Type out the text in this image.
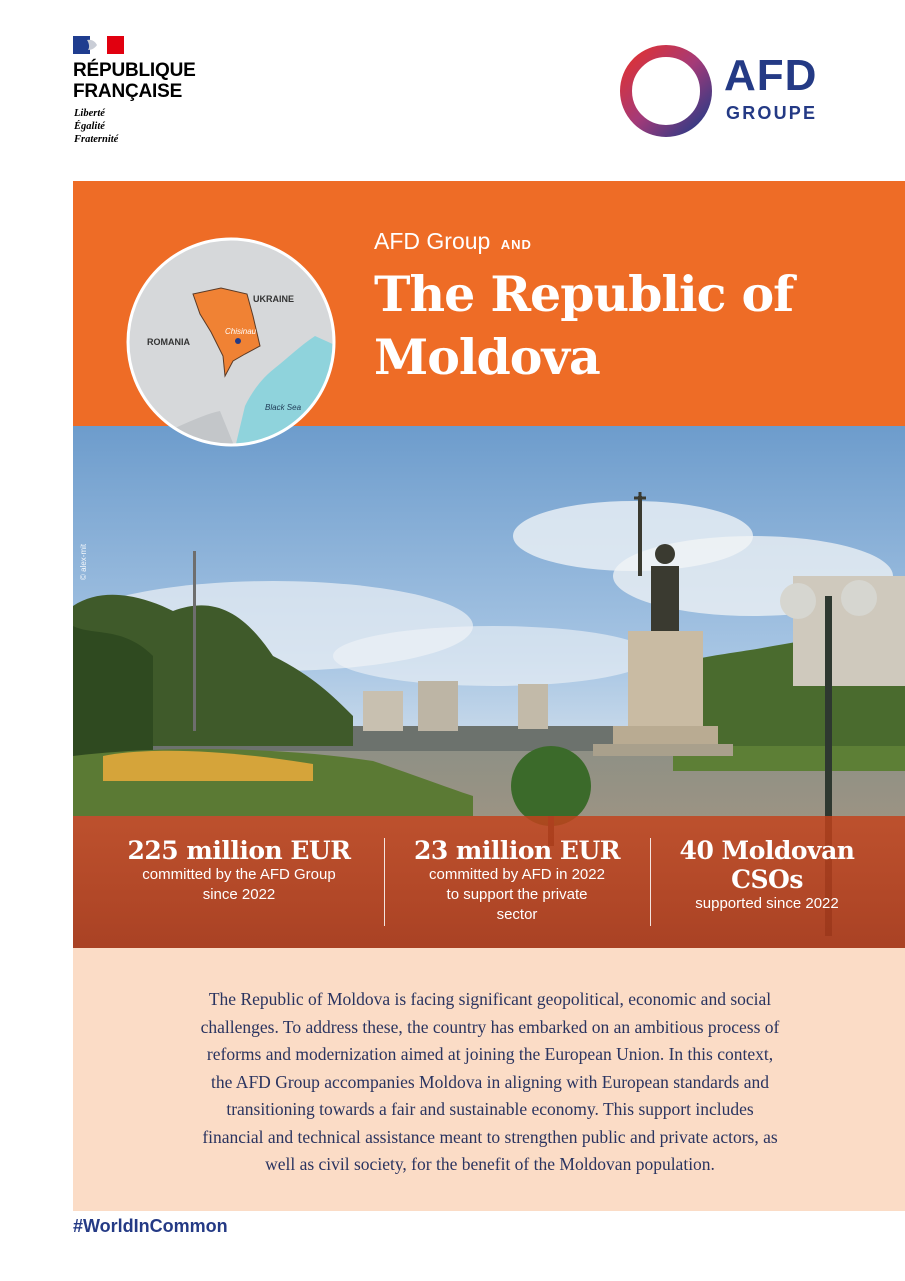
RÉPUBLIQUE
FRANÇAISE
Liberté
Égalité
Fraternité
AFD
GROUPE
AFD Group AND
The Republic of
Moldova
© alex-mit
UKRAINE
ROMANIA
Chisinau
Black Sea
225 million EUR
committed by the AFD Group
since 2022
23 million EUR
committed by AFD in 2022
to support the private
sector
40 Moldovan
CSOs
supported since 2022
The Republic of Moldova is facing significant geopolitical, economic and social
challenges. To address these, the country has embarked on an ambitious process of
reforms and modernization aimed at joining the European Union. In this context,
the AFD Group accompanies Moldova in aligning with European standards and
transitioning towards a fair and sustainable economy. This support includes
financial and technical assistance meant to strengthen public and private actors, as
well as civil society, for the benefit of the Moldovan population.
#WorldInCommon
